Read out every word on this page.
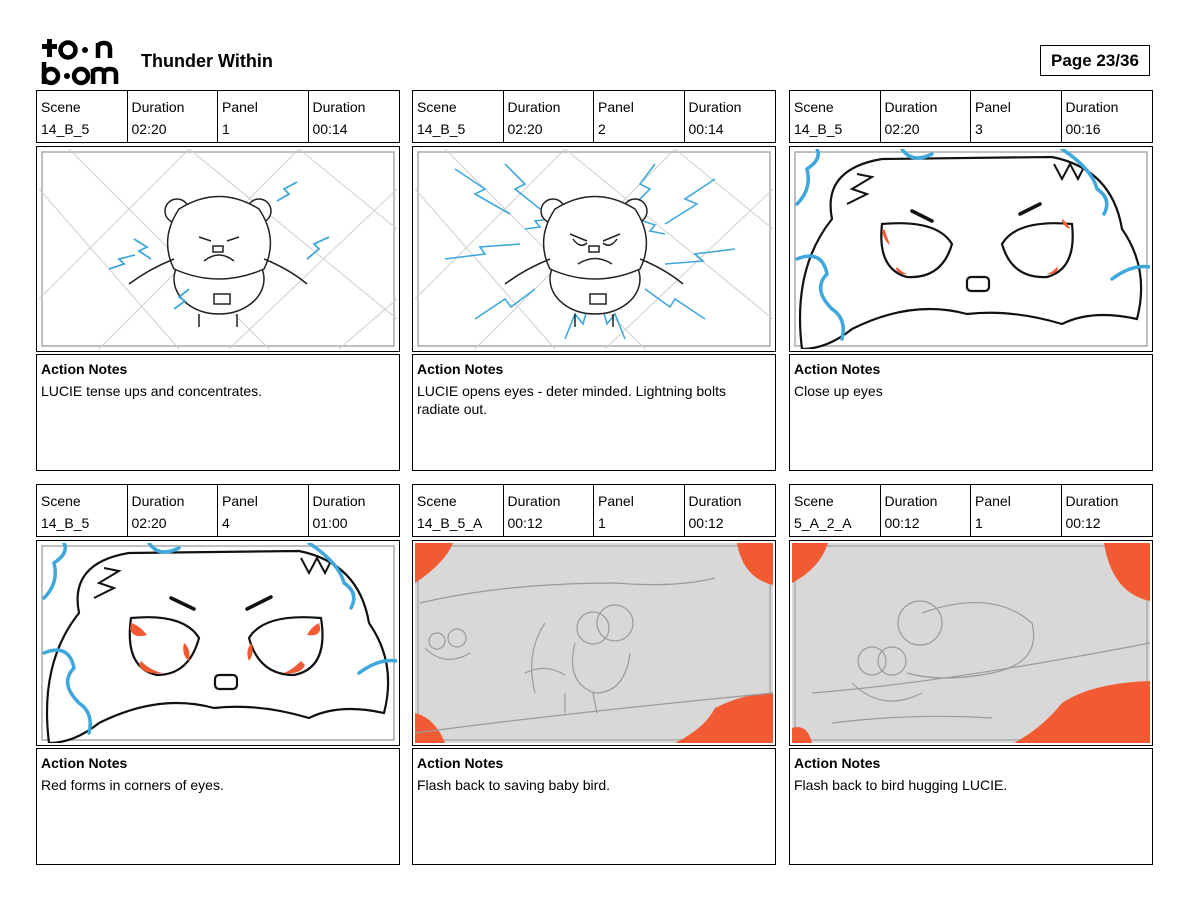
Thunder Within	Page 23/36
Scene
14_B_5
Duration
02:20
Panel
1
Duration
00:14
Action Notes
LUCIE tense ups and concentrates.
Scene
14_B_5
Duration
02:20
Panel
2
Duration
00:14
Action Notes
LUCIE opens eyes - deter minded. Lightning bolts radiate out.
Scene
14_B_5
Duration
02:20
Panel
3
Duration
00:16
Action Notes
Close up eyes
Scene
14_B_5
Duration
02:20
Panel
4
Duration
01:00
Action Notes
Red forms in corners of eyes.
Scene
14_B_5_A
Duration
00:12
Panel
1
Duration
00:12
Action Notes
Flash back to saving baby bird.
Scene
5_A_2_A
Duration
00:12
Panel
1
Duration
00:12
Action Notes
Flash back to bird hugging LUCIE.
